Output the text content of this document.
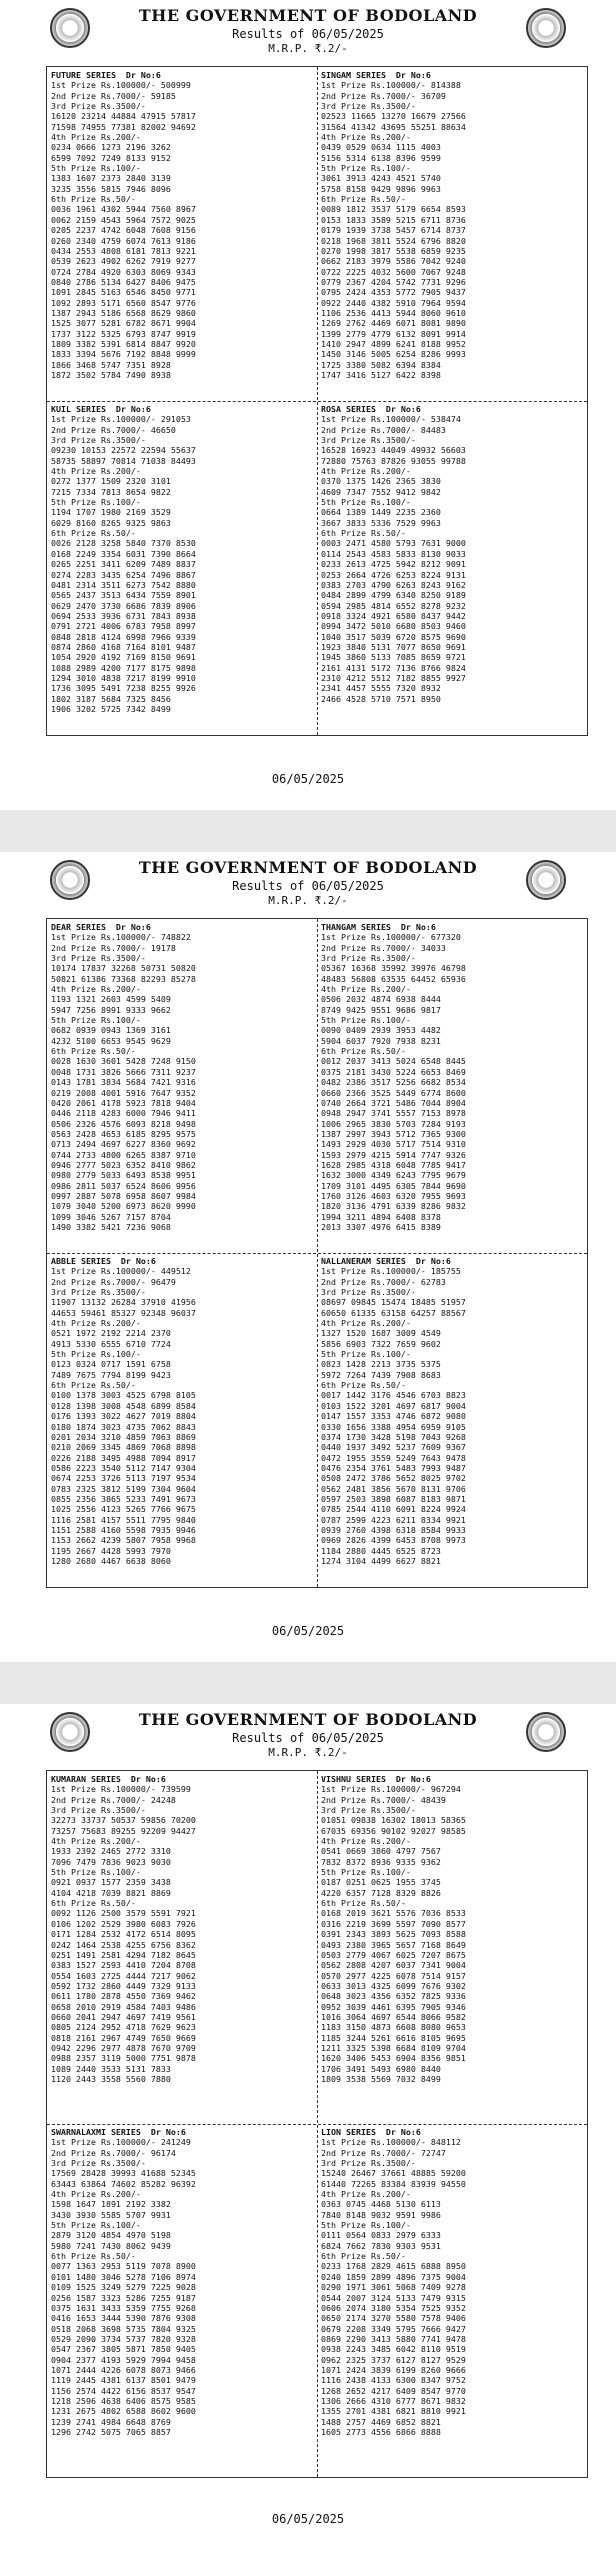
THE GOVERNMENT OF BODOLAND
Results of 06/05/2025
M.R.P. ₹.2/-
FUTURE SERIES  Dr No:6
1st Prize Rs.100000/- 500999
2nd Prize Rs.7000/- 59185
3rd Prize Rs.3500/-
16120 23214 44884 47915 57817
71598 74955 77381 82002 94692
4th Prize Rs.200/-
0234 0666 1273 2196 3262
6599 7092 7249 8133 9152
5th Prize Rs.100/-
1383 1607 2373 2840 3139
3235 3556 5815 7946 8096
6th Prize Rs.50/-
0036 1961 4302 5944 7560 8967
0062 2159 4543 5964 7572 9025
0205 2237 4742 6048 7608 9156
0260 2340 4759 6074 7613 9186
0434 2553 4808 6181 7813 9221
0539 2623 4902 6262 7919 9277
0724 2784 4920 6303 8069 9343
0840 2786 5134 6427 8406 9475
1091 2845 5163 6546 8450 9771
1092 2893 5171 6560 8547 9776
1387 2943 5186 6568 8629 9860
1525 3077 5281 6782 8671 9904
1737 3122 5325 6793 8747 9919
1809 3382 5391 6814 8847 9920
1833 3394 5676 7192 8848 9999
1866 3468 5747 7351 8928
1872 3502 5784 7490 8938
SINGAM SERIES  Dr No:6
1st Prize Rs.100000/- 814388
2nd Prize Rs.7000/- 36709
3rd Prize Rs.3500/-
02523 11665 13270 16679 27566
31564 41342 43695 55251 88634
4th Prize Rs.200/-
0439 0529 0634 1115 4003
5156 5314 6138 8396 9599
5th Prize Rs.100/-
3061 3913 4243 4521 5740
5758 8158 9429 9896 9963
6th Prize Rs.50/-
0089 1812 3537 5179 6654 8593
0153 1833 3589 5215 6711 8736
0179 1939 3738 5457 6714 8737
0218 1968 3811 5524 6796 8820
0270 1998 3817 5538 6859 9235
0662 2183 3979 5586 7042 9240
0722 2225 4032 5600 7067 9248
0779 2367 4204 5742 7731 9296
0795 2424 4353 5772 7905 9437
0922 2440 4382 5910 7964 9594
1106 2536 4413 5944 8060 9610
1269 2762 4469 6071 8081 9890
1399 2779 4779 6132 8091 9914
1410 2947 4899 6241 8188 9952
1450 3146 5005 6254 8286 9993
1725 3380 5082 6394 8384
1747 3416 5127 6422 8398
KUIL SERIES  Dr No:6
1st Prize Rs.100000/- 291053
2nd Prize Rs.7000/- 46650
3rd Prize Rs.3500/-
09230 10153 22572 22594 55637
58735 58897 70814 71038 84493
4th Prize Rs.200/-
0272 1377 1509 2320 3101
7215 7334 7813 8654 9822
5th Prize Rs.100/-
1194 1707 1980 2169 3529
6029 8160 8265 9325 9863
6th Prize Rs.50/-
0026 2128 3258 5840 7370 8530
0168 2249 3354 6031 7390 8664
0265 2251 3411 6209 7489 8837
0274 2283 3435 6254 7496 8867
0481 2314 3511 6273 7542 8880
0565 2437 3513 6434 7559 8901
0629 2470 3730 6686 7839 8906
0694 2533 3936 6731 7843 8938
0791 2721 4006 6783 7958 8997
0848 2818 4124 6998 7966 9339
0874 2860 4168 7164 8101 9487
1054 2920 4192 7169 8150 9691
1088 2989 4200 7177 8175 9898
1294 3010 4838 7217 8199 9910
1736 3095 5491 7238 8255 9926
1802 3187 5684 7325 8456
1906 3202 5725 7342 8499
ROSA SERIES  Dr No:6
1st Prize Rs.100000/- 538474
2nd Prize Rs.7000/- 84483
3rd Prize Rs.3500/-
16528 16923 44049 49932 56603
72880 75763 87826 93055 99788
4th Prize Rs.200/-
0370 1375 1426 2365 3830
4609 7347 7552 9412 9842
5th Prize Rs.100/-
0664 1389 1449 2235 2360
3667 3833 5336 7529 9963
6th Prize Rs.50/-
0003 2471 4580 5793 7631 9000
0114 2543 4583 5833 8130 9033
0233 2613 4725 5942 8212 9091
0253 2664 4726 6253 8224 9131
0383 2703 4790 6263 8243 9162
0484 2899 4799 6340 8250 9189
0594 2985 4814 6552 8278 9232
0918 3324 4921 6580 8437 9442
0994 3472 5010 6680 8503 9460
1040 3517 5039 6720 8575 9690
1923 3840 5131 7077 8650 9691
1945 3860 5133 7085 8659 9721
2161 4131 5172 7136 8766 9824
2310 4212 5512 7182 8855 9927
2341 4457 5555 7320 8932
2466 4528 5710 7571 8950
06/05/2025
THE GOVERNMENT OF BODOLAND
Results of 06/05/2025
M.R.P. ₹.2/-
DEAR SERIES  Dr No:6
1st Prize Rs.100000/- 748822
2nd Prize Rs.7000/- 19178
3rd Prize Rs.3500/-
10174 17837 32268 50731 50820
50821 61386 73368 82293 85278
4th Prize Rs.200/-
1193 1321 2603 4599 5409
5947 7256 8991 9333 9662
5th Prize Rs.100/-
0682 0939 0943 1369 3161
4232 5100 6653 9545 9629
6th Prize Rs.50/-
0028 1630 3601 5428 7248 9150
0048 1731 3826 5666 7311 9237
0143 1781 3834 5684 7421 9316
0219 2008 4001 5916 7647 9352
0420 2061 4178 5923 7818 9404
0446 2118 4283 6000 7946 9411
0506 2326 4576 6093 8218 9498
0563 2428 4653 6185 8295 9575
0713 2494 4697 6227 8360 9692
0744 2733 4800 6265 8387 9710
0946 2777 5023 6352 8410 9862
0980 2779 5033 6493 8538 9951
0986 2811 5037 6524 8606 9956
0997 2887 5078 6958 8607 9984
1079 3040 5200 6973 8620 9990
1099 3046 5267 7157 8704
1490 3382 5421 7236 9068
THANGAM SERIES  Dr No:6
1st Prize Rs.100000/- 677320
2nd Prize Rs.7000/- 34033
3rd Prize Rs.3500/-
05367 16368 35992 39976 46798
48483 56808 63535 64452 65936
4th Prize Rs.200/-
0506 2032 4874 6938 8444
8749 9425 9551 9686 9817
5th Prize Rs.100/-
0090 0409 2939 3953 4482
5904 6037 7920 7938 8231
6th Prize Rs.50/-
0012 2037 3413 5024 6548 8445
0375 2181 3430 5224 6653 8469
0482 2386 3517 5256 6682 8534
0660 2366 3525 5449 6774 8600
0740 2664 3721 5486 7044 8904
0948 2947 3741 5557 7153 8978
1006 2965 3830 5703 7284 9193
1387 2997 3943 5712 7365 9300
1493 2929 4030 5717 7514 9310
1593 2979 4215 5914 7747 9326
1628 2985 4318 6048 7785 9417
1632 3000 4349 6243 7795 9679
1709 3101 4495 6305 7844 9690
1760 3126 4603 6320 7955 9693
1820 3136 4791 6339 8286 9832
1994 3211 4894 6408 8378
2013 3307 4976 6415 8389
ABBLE SERIES  Dr No:6
1st Prize Rs.100000/- 449512
2nd Prize Rs.7000/- 96479
3rd Prize Rs.3500/-
11907 13132 26284 37910 41956
44653 59461 85327 92348 96037
4th Prize Rs.200/-
0521 1972 2192 2214 2370
4913 5330 6555 6710 7724
5th Prize Rs.100/-
0123 0324 0717 1591 6758
7489 7675 7794 8199 9423
6th Prize Rs.50/-
0100 1378 3003 4525 6798 8105
0128 1398 3008 4548 6899 8584
0176 1393 3022 4627 7019 8804
0180 1874 3023 4735 7062 8843
0201 2034 3210 4859 7063 8869
0210 2069 3345 4869 7068 8898
0226 2188 3495 4988 7094 8917
0586 2223 3540 5112 7147 9304
0674 2253 3726 5113 7197 9534
0783 2325 3812 5199 7304 9604
0855 2356 3865 5233 7491 9673
1025 2556 4123 5265 7766 9675
1116 2581 4157 5511 7795 9840
1151 2588 4160 5598 7935 9946
1153 2662 4239 5807 7958 9968
1195 2667 4428 5993 7970
1280 2680 4467 6638 8060
NALLANERAM SERIES  Dr No:6
1st Prize Rs.100000/- 185755
2nd Prize Rs.7000/- 62783
3rd Prize Rs.3500/-
08697 09845 15474 18485 51957
60650 61335 63158 64257 88567
4th Prize Rs.200/-
1327 1520 1687 3009 4549
5856 6903 7322 7659 9602
5th Prize Rs.100/-
0823 1428 2213 3735 5375
5972 7264 7439 7908 8683
6th Prize Rs.50/-
0017 1442 3176 4546 6703 8823
0103 1522 3201 4697 6817 9004
0147 1557 3353 4746 6872 9080
0330 1656 3388 4954 6959 9105
0374 1730 3428 5198 7043 9268
0440 1937 3492 5237 7609 9367
0472 1955 3559 5249 7643 9478
0476 2354 3761 5483 7993 9487
0508 2472 3786 5652 8025 9702
0562 2481 3856 5670 8131 9706
0597 2503 3898 6087 8183 9871
0785 2544 4110 6091 8224 9924
0787 2599 4223 6211 8334 9921
0939 2760 4398 6318 8584 9933
0969 2826 4399 6453 8708 9973
1184 2880 4445 6525 8723
1274 3104 4499 6627 8821
06/05/2025
THE GOVERNMENT OF BODOLAND
Results of 06/05/2025
M.R.P. ₹.2/-
KUMARAN SERIES  Dr No:6
1st Prize Rs.100000/- 739599
2nd Prize Rs.7000/- 24248
3rd Prize Rs.3500/-
32273 33737 50537 59856 70200
73257 75683 89255 92209 94427
4th Prize Rs.200/-
1933 2392 2465 2772 3310
7096 7479 7836 9023 9030
5th Prize Rs.100/-
0921 0937 1577 2359 3438
4104 4218 7039 8821 8869
6th Prize Rs.50/-
0092 1126 2500 3579 5591 7921
0106 1202 2529 3980 6083 7926
0171 1284 2532 4172 6514 8095
0242 1464 2538 4255 6756 8362
0251 1491 2581 4294 7182 8645
0383 1527 2593 4410 7204 8708
0554 1603 2725 4444 7217 9062
0592 1732 2860 4449 7329 9133
0611 1780 2878 4550 7369 9462
0658 2010 2919 4584 7403 9486
0660 2041 2947 4697 7419 9561
0805 2124 2952 4718 7629 9623
0818 2161 2967 4749 7650 9669
0942 2296 2977 4878 7670 9709
0988 2357 3119 5000 7751 9878
1089 2440 3533 5131 7833
1120 2443 3558 5560 7880
VISHNU SERIES  Dr No:6
1st Prize Rs.100000/- 967294
2nd Prize Rs.7000/- 48439
3rd Prize Rs.3500/-
01051 09838 16302 18013 58365
67035 69356 90102 92027 98585
4th Prize Rs.200/-
0541 0669 3860 4797 7567
7832 8372 8936 9335 9362
5th Prize Rs.100/-
0187 0251 0625 1955 3745
4220 6357 7128 8329 8826
6th Prize Rs.50/-
0168 2019 3621 5576 7036 8533
0316 2219 3699 5597 7090 8577
0391 2343 3893 5625 7093 8588
0493 2380 3965 5657 7168 8649
0503 2779 4067 6025 7207 8675
0562 2808 4207 6037 7341 9004
0570 2977 4225 6078 7514 9157
0633 3013 4325 6099 7676 9302
0648 3023 4356 6352 7825 9336
0952 3039 4461 6395 7905 9346
1016 3064 4697 6544 8066 9582
1183 3150 4873 6608 8080 9653
1185 3244 5261 6616 8105 9695
1211 3325 5398 6684 8109 9704
1620 3406 5453 6904 8356 9851
1706 3491 5493 6980 8440
1809 3538 5569 7032 8499
SWARNALAXMI SERIES  Dr No:6
1st Prize Rs.100000/- 241249
2nd Prize Rs.7000/- 96174
3rd Prize Rs.3500/-
17569 28428 39993 41688 52345
63443 63864 74602 85282 96392
4th Prize Rs.200/-
1598 1647 1891 2192 3382
3430 3930 5585 5707 9931
5th Prize Rs.100/-
2879 3120 4854 4970 5198
5980 7241 7430 8062 9439
6th Prize Rs.50/-
0077 1363 2953 5119 7078 8900
0101 1480 3046 5278 7106 8974
0109 1525 3249 5279 7225 9028
0256 1587 3323 5286 7255 9187
0375 1631 3433 5359 7755 9268
0416 1653 3444 5390 7876 9308
0518 2068 3698 5735 7804 9325
0529 2090 3734 5737 7820 9328
0547 2367 3805 5871 7850 9405
0904 2377 4193 5929 7994 9458
1071 2444 4226 6078 8073 9466
1119 2445 4381 6137 8501 9479
1156 2574 4422 6156 8537 9547
1218 2596 4638 6406 8575 9585
1231 2675 4802 6588 8602 9600
1239 2741 4984 6648 8769
1296 2742 5075 7065 8857
LION SERIES  Dr No:6
1st Prize Rs.100000/- 848112
2nd Prize Rs.7000/- 72747
3rd Prize Rs.3500/-
15240 26467 37661 48885 59200
61440 72265 83384 83939 94550
4th Prize Rs.200/-
0363 0745 4468 5130 6113
7840 8148 9032 9591 9986
5th Prize Rs.100/-
0111 0564 0833 2979 6333
6824 7662 7830 9303 9531
6th Prize Rs.50/-
0233 1768 2829 4615 6888 8950
0240 1859 2899 4896 7375 9004
0290 1971 3061 5068 7409 9278
0544 2007 3124 5133 7479 9315
0606 2074 3180 5354 7525 9352
0650 2174 3270 5580 7578 9406
0679 2208 3349 5795 7666 9427
0869 2290 3413 5880 7741 9478
0938 2243 3485 6042 8110 9519
0962 2325 3737 6127 8127 9529
1071 2424 3839 6199 8260 9666
1116 2438 4133 6300 8347 9752
1268 2652 4217 6409 8547 9770
1306 2666 4310 6777 8671 9832
1355 2701 4381 6821 8810 9921
1488 2757 4469 6852 8821
1605 2773 4556 6866 8888
06/05/2025
